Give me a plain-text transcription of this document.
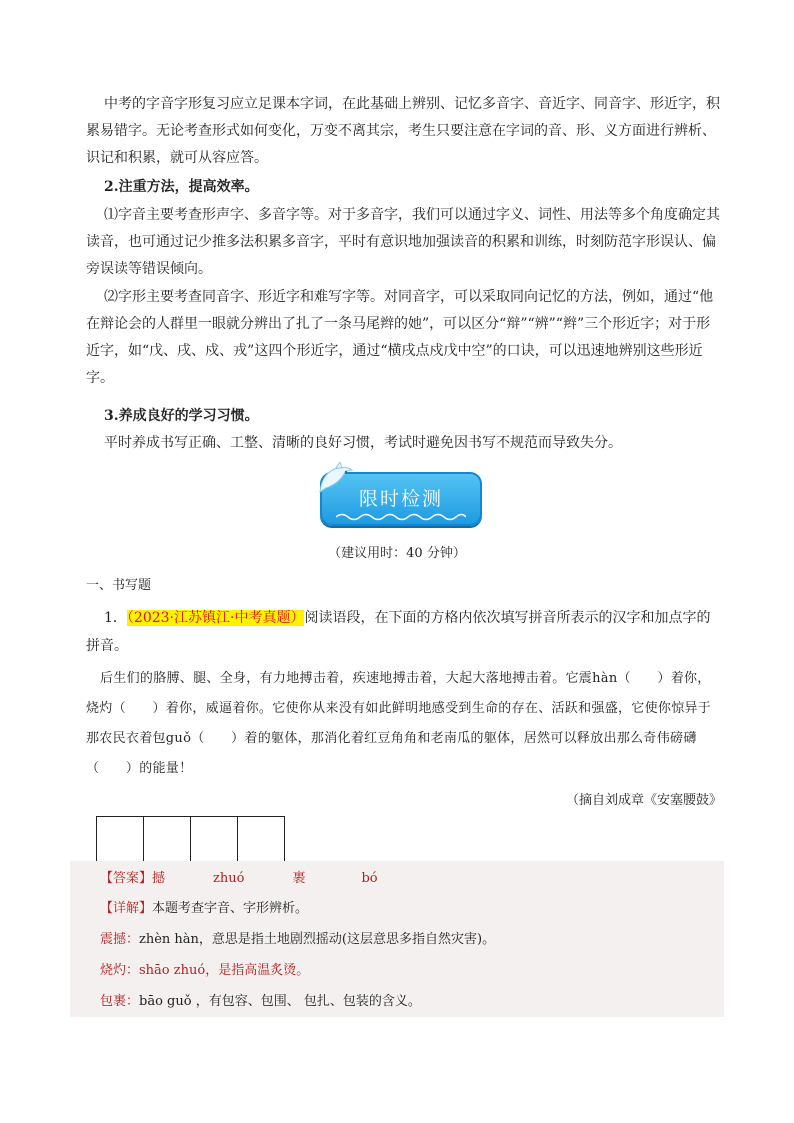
中考的字音字形复习应立足课本字词，在此基础上辨别、记忆多音字、音近字、同音字、形近字，积累易错字。无论考查形式如何变化，万变不离其宗，考生只要注意在字词的音、形、义方面进行辨析、识记和积累，就可从容应答。
2.注重方法，提高效率。
⑴字音主要考查形声字、多音字等。对于多音字，我们可以通过字义、词性、用法等多个角度确定其读音，也可通过记少推多法积累多音字，平时有意识地加强读音的积累和训练，时刻防范字形误认、偏旁误读等错误倾向。
⑵字形主要考查同音字、形近字和难写字等。对同音字，可以采取同向记忆的方法，例如，通过“他在辩论会的人群里一眼就分辨出了扎了一条马尾辫的她”，可以区分“辩”“辨”“辫”三个形近字；对于形近字，如“戊、戌、戍、戎”这四个形近字，通过“横戌点戍戊中空”的口诀，可以迅速地辨别这些形近字。
3.养成良好的学习习惯。
平时养成书写正确、工整、清晰的良好习惯，考试时避免因书写不规范而导致失分。
限时检测
（建议用时：40 分钟）
一、书写题
1．（2023·江苏镇江·中考真题）阅读语段，在下面的方格内依次填写拼音所表示的汉字和加点字的拼音。
后生们的胳膊、腿、全身，有力地搏击着，疾速地搏击着，大起大落地搏击着。它震hàn（　　）着你，烧灼（　　）着你，威逼着你。它使你从来没有如此鲜明地感受到生命的存在、活跃和强盛，它使你惊异于那农民衣着包guǒ（　　）着的躯体，那消化着红豆角角和老南瓜的躯体，居然可以释放出那么奇伟磅礴（　　）的能量！
（摘自刘成章《安塞腰鼓》
【答案】撼	zhuó	裹	bó
【详解】本题考查字音、字形辨析。
震撼：zhèn hàn，意思是指土地剧烈摇动(这层意思多指自然灾害)。
烧灼：shāo zhuó，是指高温炙烫。
包裹：bāo guǒ ，有包容、包围、 包扎、包装的含义。
